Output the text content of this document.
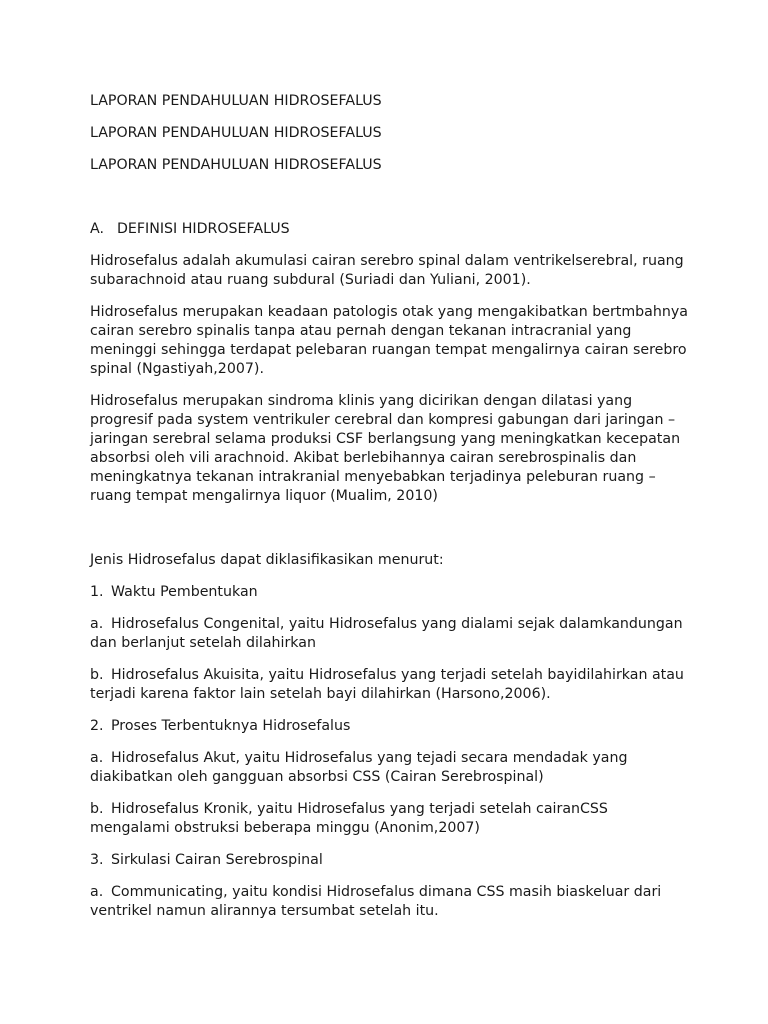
LAPORAN PENDAHULUAN HIDROSEFALUS
LAPORAN PENDAHULUAN HIDROSEFALUS
LAPORAN PENDAHULUAN HIDROSEFALUS
A. DEFINISI HIDROSEFALUS
Hidrosefalus adalah akumulasi cairan serebro spinal dalam ventrikelserebral, ruang
subarachnoid atau ruang subdural (Suriadi dan Yuliani, 2001).
Hidrosefalus merupakan keadaan patologis otak yang mengakibatkan bertmbahnya
cairan serebro spinalis tanpa atau pernah dengan tekanan intracranial yang
meninggi sehingga terdapat pelebaran ruangan tempat mengalirnya cairan serebro
spinal (Ngastiyah,2007).
Hidrosefalus merupakan sindroma klinis yang dicirikan dengan dilatasi yang
progresif pada system ventrikuler cerebral dan kompresi gabungan dari jaringan –
jaringan serebral selama produksi CSF berlangsung yang meningkatkan kecepatan
absorbsi oleh vili arachnoid. Akibat berlebihannya cairan serebrospinalis dan
meningkatnya tekanan intrakranial menyebabkan terjadinya peleburan ruang –
ruang tempat mengalirnya liquor (Mualim, 2010)
Jenis Hidrosefalus dapat diklasifikasikan menurut:
1. Waktu Pembentukan
a. Hidrosefalus Congenital, yaitu Hidrosefalus yang dialami sejak dalamkandungan
dan berlanjut setelah dilahirkan
b. Hidrosefalus Akuisita, yaitu Hidrosefalus yang terjadi setelah bayidilahirkan atau
terjadi karena faktor lain setelah bayi dilahirkan (Harsono,2006).
2. Proses Terbentuknya Hidrosefalus
a. Hidrosefalus Akut, yaitu Hidrosefalus yang tejadi secara mendadak yang
diakibatkan oleh gangguan absorbsi CSS (Cairan Serebrospinal)
b. Hidrosefalus Kronik, yaitu Hidrosefalus yang terjadi setelah cairanCSS
mengalami obstruksi beberapa minggu (Anonim,2007)
3. Sirkulasi Cairan Serebrospinal
a. Communicating, yaitu kondisi Hidrosefalus dimana CSS masih biaskeluar dari
ventrikel namun alirannya tersumbat setelah itu.
